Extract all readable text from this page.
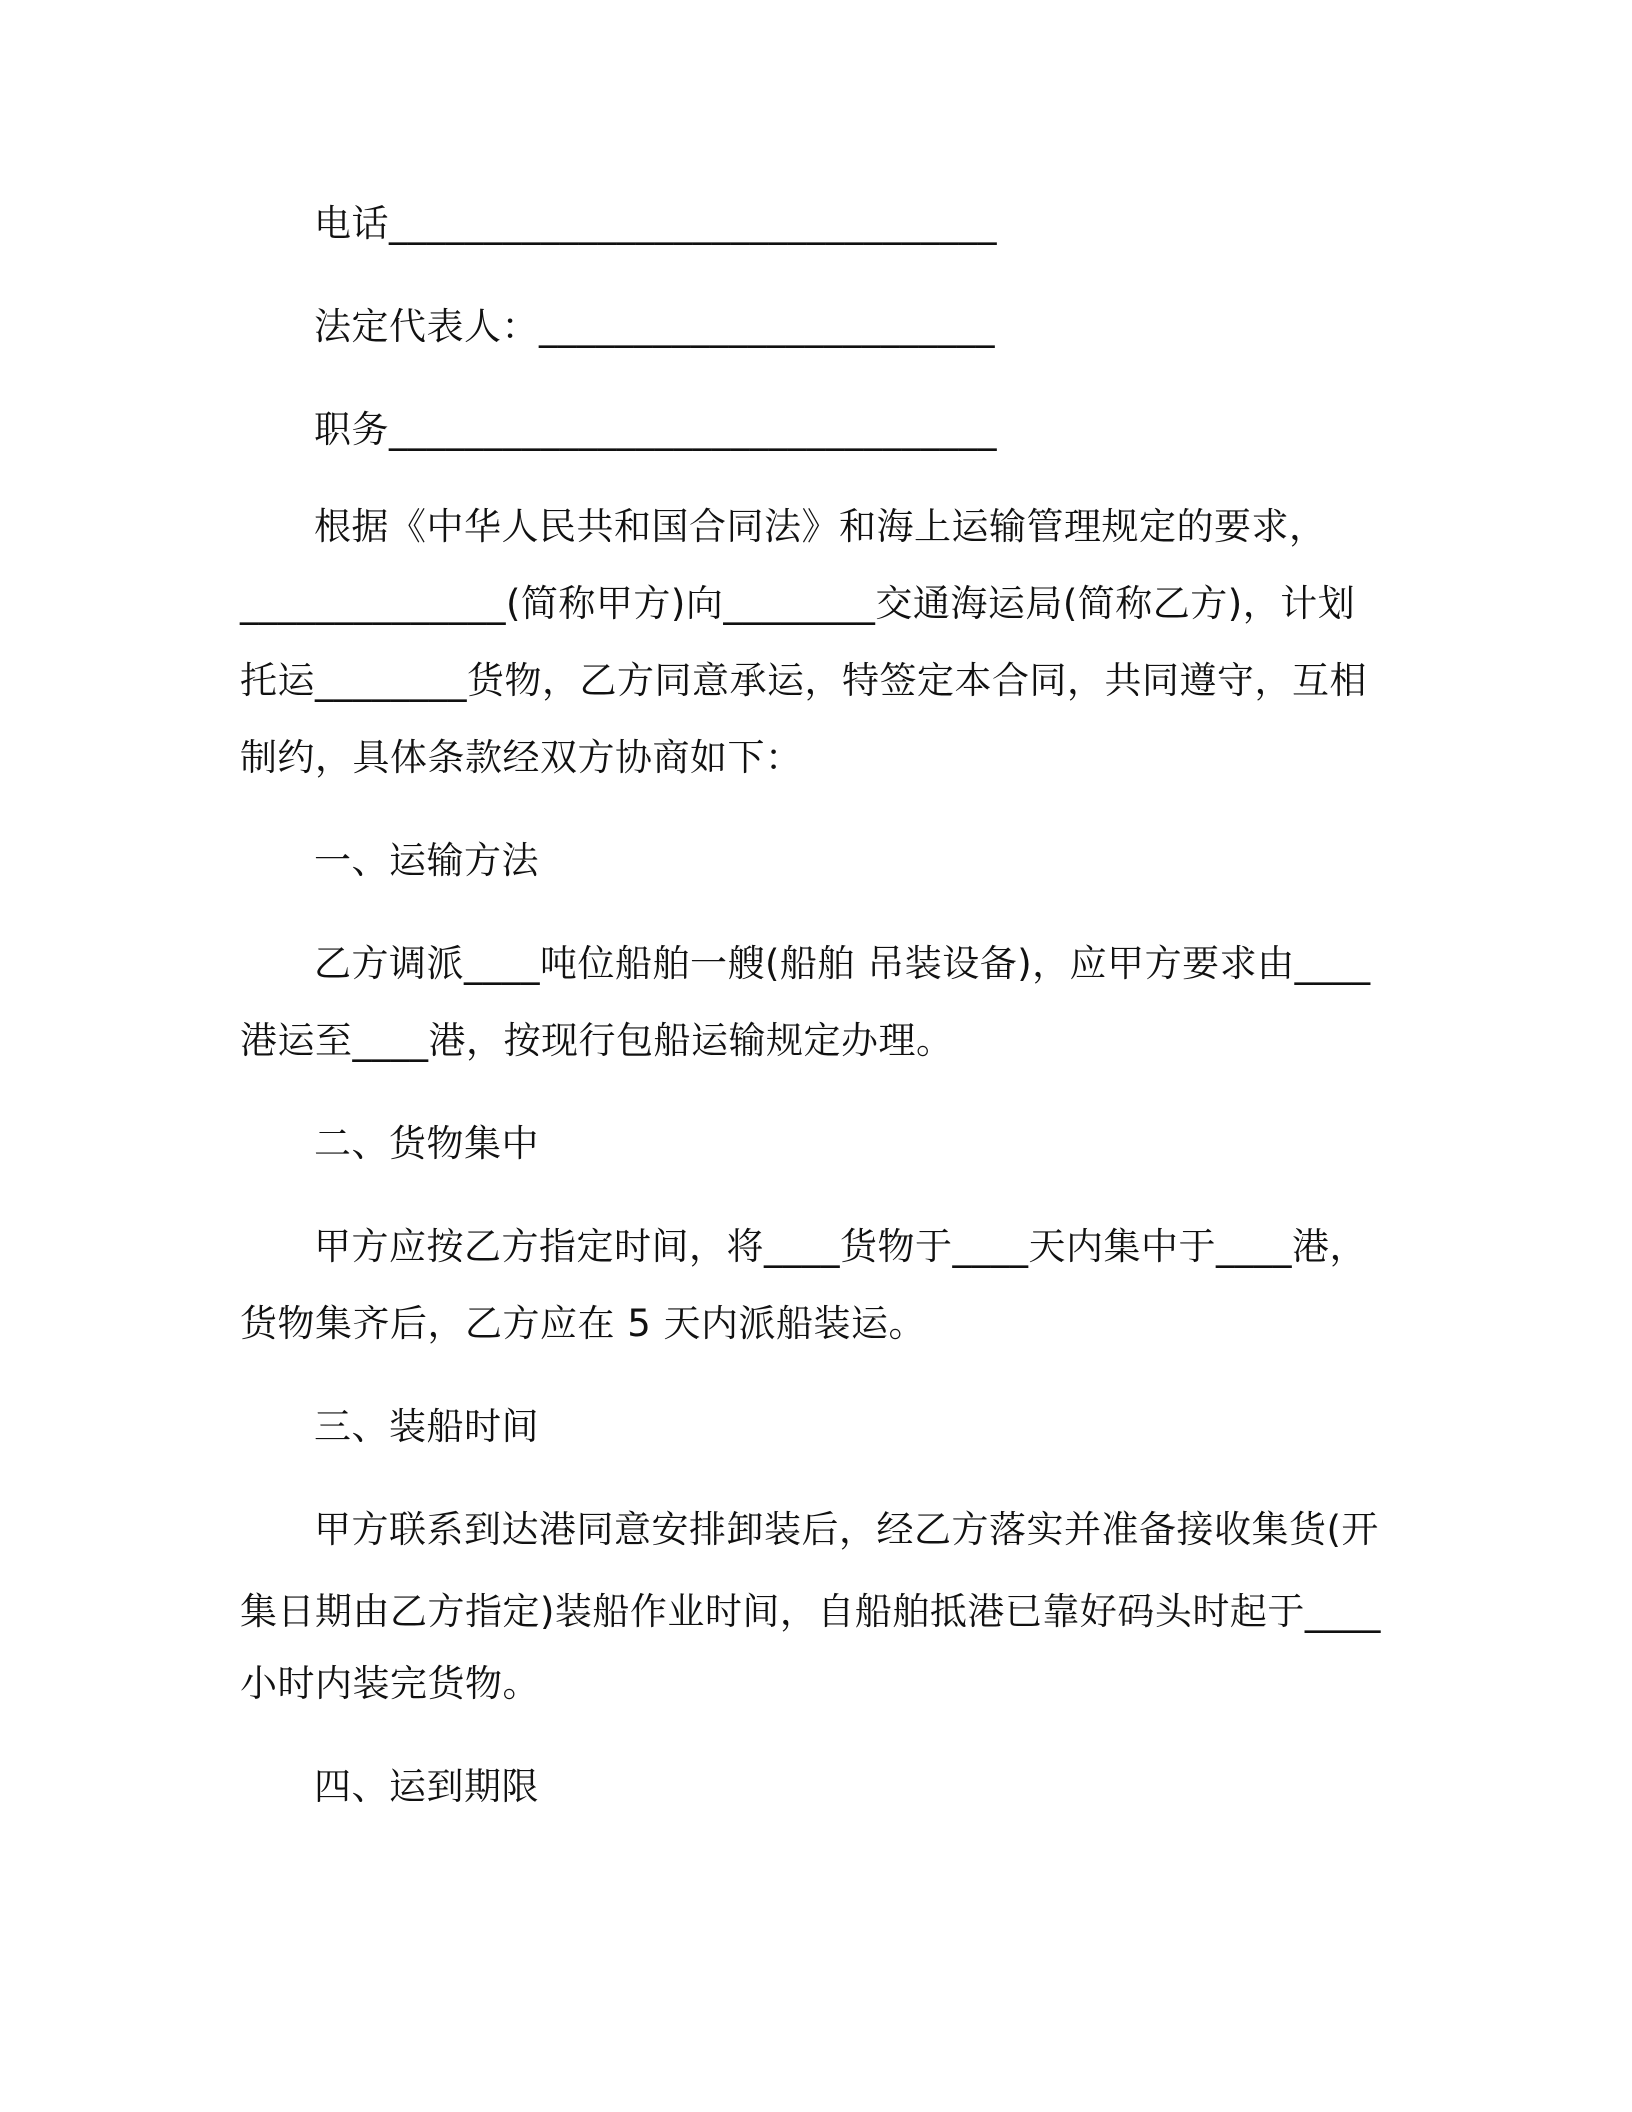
电话________________________________
法定代表人：________________________
职务________________________________
根据《中华人民共和国合同法》和海上运输管理规定的要求，
______________(简称甲方)向________交通海运局(简称乙方)，计划
托运________货物，乙方同意承运，特签定本合同，共同遵守，互相
制约，具体条款经双方协商如下：
一、运输方法
乙方调派____吨位船舶一艘(船舶 吊装设备)，应甲方要求由____
港运至____港，按现行包船运输规定办理。
二、货物集中
甲方应按乙方指定时间，将____货物于____天内集中于____港，
货物集齐后，乙方应在 5 天内派船装运。
三、装船时间
甲方联系到达港同意安排卸装后，经乙方落实并准备接收集货(开
集日期由乙方指定)装船作业时间，自船舶抵港已靠好码头时起于____
小时内装完货物。
四、运到期限
